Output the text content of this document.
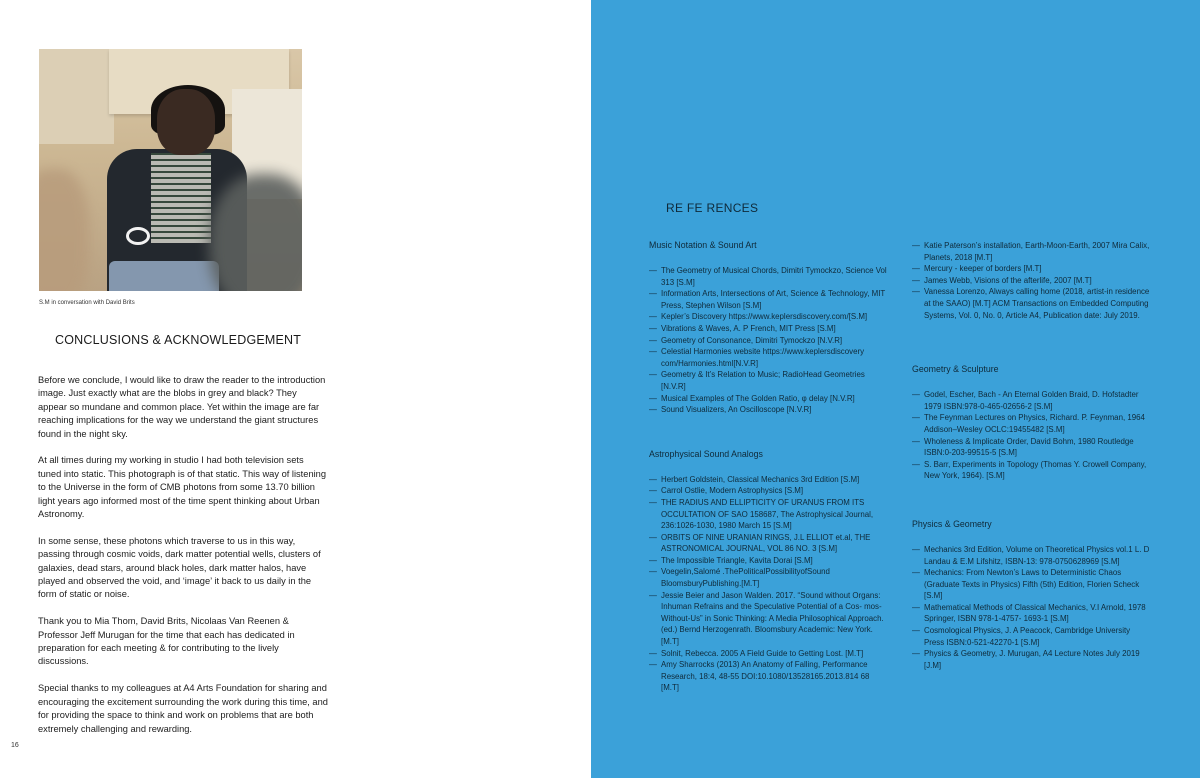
S.M in conversation with David Brits
CONCLUSIONS & ACKNOWLEDGEMENT

Before we conclude, I would like to draw the reader to the introduction image. Just exactly what are the blobs in grey and black? They appear so mundane and common place. Yet within the image are far reaching implications for the way we understand the giant structures found in the night sky.

At all times during my working in studio I had both television sets tuned into static. This photograph is of that static. This way of listening to the Universe in the form of CMB photons from some 13.70 billion light years ago informed most of the time spent thinking about Urban Astronomy.

In some sense, these photons which traverse to us in this way, passing through cosmic voids, dark matter potential wells, clusters of galaxies, dead stars, around black holes, dark matter halos, have played and observed the void, and ‘image’ it back to us daily in the form of static or noise.

Thank you to Mia Thom, David Brits, Nicolaas Van Reenen & Professor Jeff Murugan for the time that each has dedicated in preparation for each meeting & for contributing to the lively discussions.

Special thanks to my colleagues at A4 Arts Foundation for sharing and encouraging the excitement surrounding the work during this time, and for providing the space to think and work on problems that are both extremely challenging and rewarding.

16
RE FE RENCES
Music Notation & Sound Art
— The Geometry of Musical Chords, Dimitri Tymockzo, Science Vol 313 [S.M]
— Information Arts, Intersections of Art, Science & Technology, MIT Press, Stephen Wilson [S.M]
— Kepler’s Discovery https://www.keplersdiscovery.com/[S.M]
— Vibrations & Waves, A. P French, MIT Press [S.M]
— Geometry of Consonance, Dimitri Tymockzo [N.V.R]
— Celestial Harmonies website https://www.keplersdiscovery com/Harmonies.html[N.V.R]
— Geometry & It’s Relation to Music; RadioHead Geometries [N.V.R]
— Musical Examples of The Golden Ratio, φ delay [N.V.R]
— Sound Visualizers, An Oscilloscope [N.V.R]
Astrophysical Sound Analogs
— Herbert Goldstein, Classical Mechanics 3rd Edition [S.M]
— Carrol Ostlie, Modern Astrophysics [S.M]
— THE RADIUS AND ELLIPTICITY OF URANUS FROM ITS OCCULTATION OF SAO 158687, The Astrophysical Journal, 236:1026-1030, 1980 March 15 [S.M]
— ORBITS OF NINE URANIAN RINGS, J.L ELLIOT et.al, THE ASTRONOMICAL JOURNAL, VOL 86 NO. 3 [S.M]
— The Impossible Triangle, Kavita Dorai [S.M]
— Voegelin,Salomé .ThePoliticalPossibilityofSound BloomsburyPublishing.[M.T]
— Jessie Beier and Jason Walden. 2017. “Sound without Organs: Inhuman Refrains and the Speculative Potential of a Cos- mos-Without-Us” in Sonic Thinking: A Media Philosophical Approach. (ed.) Bernd Herzogenrath. Bloomsbury Academic: New York. [M.T]
— Solnit, Rebecca. 2005 A Field Guide to Getting Lost. [M.T]
— Amy Sharrocks (2013) An Anatomy of Falling, Performance Research, 18:4, 48-55 DOI:10.1080/13528165.2013.814 68 [M.T]
— Katie Paterson’s installation, Earth-Moon-Earth, 2007 Mira Calix, Planets, 2018 [M.T]
— Mercury - keeper of borders [M.T]
— James Webb, Visions of the afterlife, 2007 [M.T]
— Vanessa Lorenzo, Always calling home (2018, artist-in residence at the SAAO) [M.T] ACM Transactions on Embedded Computing Systems, Vol. 0, No. 0, Article A4, Publication date: July 2019.
Geometry & Sculpture
— Godel, Escher, Bach - An Eternal Golden Braid, D. Hofstadter 1979 ISBN:978-0-465-02656-2 [S.M]
— The Feynman Lectures on Physics, Richard. P. Feynman, 1964 Addison–Wesley OCLC:19455482 [S.M]
— Wholeness & Implicate Order, David Bohm, 1980 Routledge ISBN:0-203-99515-5 [S.M]
— S. Barr, Experiments in Topology (Thomas Y. Crowell Company, New York, 1964). [S.M]
Physics & Geometry
— Mechanics 3rd Edition, Volume on Theoretical Physics vol.1 L. D Landau & E.M Lifshitz, ISBN-13: 978-0750628969 [S.M]
— Mechanics: From Newton’s Laws to Deterministic Chaos (Graduate Texts in Physics) Fifth (5th) Edition, Florien Scheck [S.M]
— Mathematical Methods of Classical Mechanics, V.I Arnold, 1978 Springer, ISBN 978-1-4757- 1693-1 [S.M]
— Cosmological Physics, J. A Peacock, Cambridge University Press ISBN:0-521-42270-1 [S.M]
— Physics & Geometry, J. Murugan, A4 Lecture Notes July 2019 [J.M]
